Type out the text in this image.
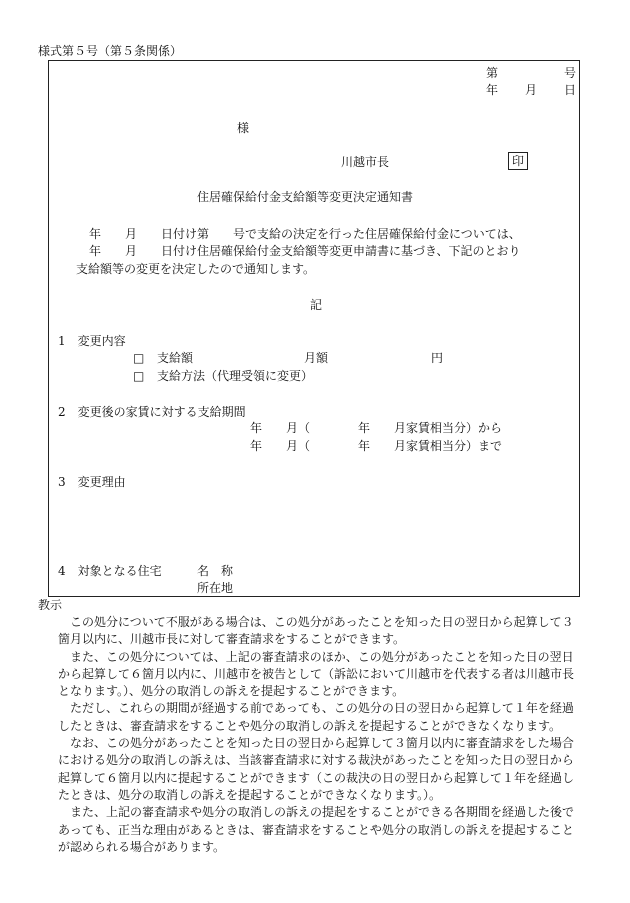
様式第５号（第５条関係）
第	号
年 月 日
様
川越市長	印
住居確保給付金支給額等変更決定通知書
年　　月　　日付け第　　号で支給の決定を行った住居確保給付金については、
年　　月　　日付け住居確保給付金支給額等変更申請書に基づき、下記のとおり
支給額等の変更を決定したので通知します。
記
1　変更内容
□ 支給額	月額	円
□ 支給方法（代理受領に変更）
2　変更後の家賃に対する支給期間
年　　月（　　　　年　　月家賃相当分）から
年　　月（　　　　年　　月家賃相当分）まで
3　変更理由
4　対象となる住宅	名　称
所在地
教示

この処分について不服がある場合は、この処分があったことを知った日の翌日から起算して３箇月以内に、川越市長に対して審査請求をすることができます。

また、この処分については、上記の審査請求のほか、この処分があったことを知った日の翌日から起算して６箇月以内に、川越市を被告として（訴訟において川越市を代表する者は川越市長となります。）、処分の取消しの訴えを提起することができます。

ただし、これらの期間が経過する前であっても、この処分の日の翌日から起算して１年を経過したときは、審査請求をすることや処分の取消しの訴えを提起することができなくなります。

なお、この処分があったことを知った日の翌日から起算して３箇月以内に審査請求をした場合における処分の取消しの訴えは、当該審査請求に対する裁決があったことを知った日の翌日から起算して６箇月以内に提起することができます（この裁決の日の翌日から起算して１年を経過したときは、処分の取消しの訴えを提起することができなくなります。）。

また、上記の審査請求や処分の取消しの訴えの提起をすることができる各期間を経過した後であっても、正当な理由があるときは、審査請求をすることや処分の取消しの訴えを提起することが認められる場合があります。
